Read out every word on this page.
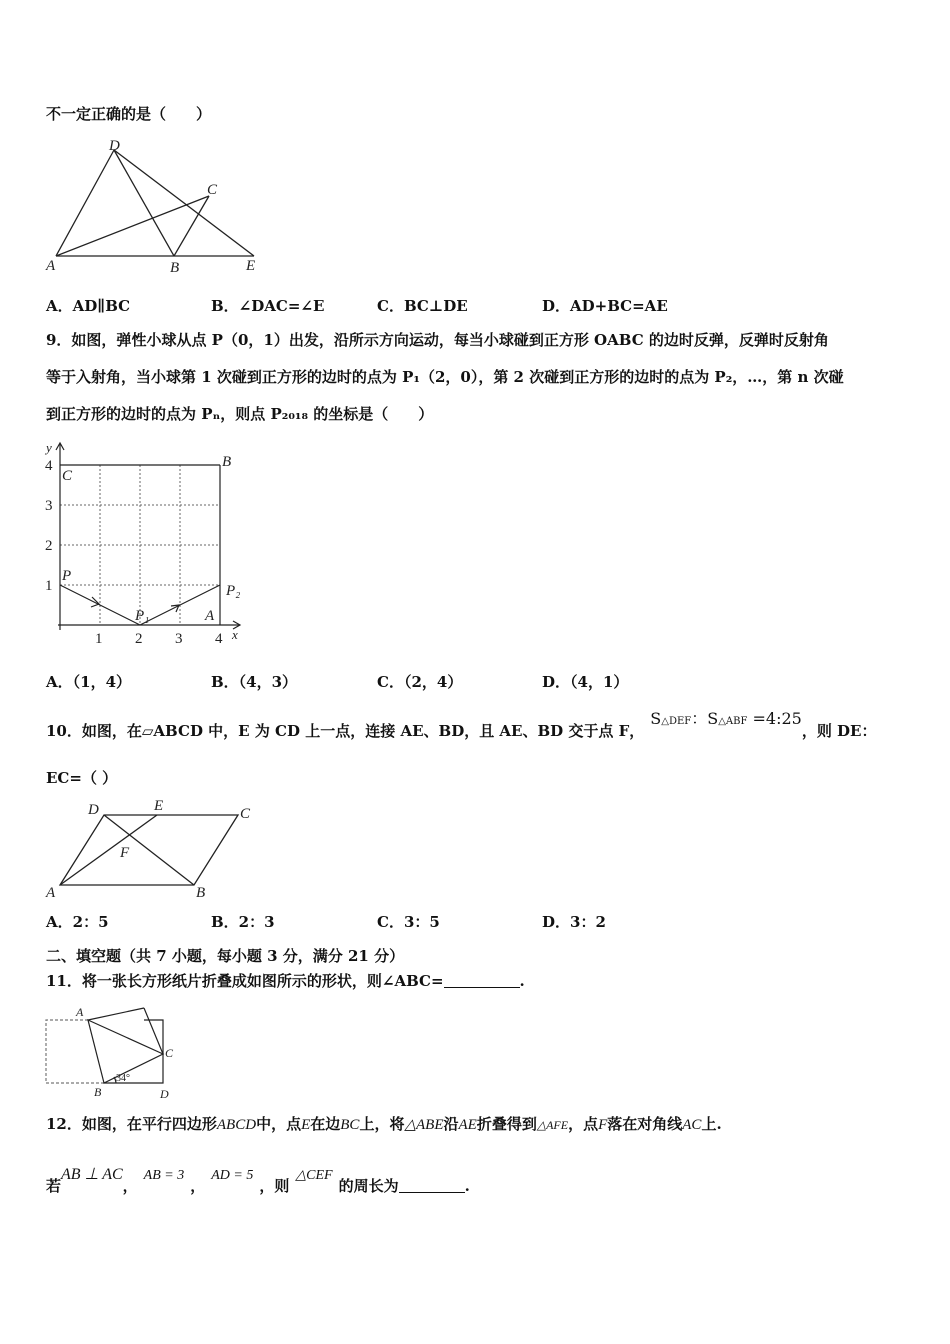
不一定正确的是（　　）
D
C
A	B	E
A．AD∥BC	B．∠DAC=∠E	C．BC⊥DE	D．AD+BC=AE
9．如图，弹性小球从点 P（0，1）出发，沿所示方向运动，每当小球碰到正方形 OABC 的边时反弹，反弹时反射角
等于入射角，当小球第 1 次碰到正方形的边时的点为 P₁（2，0），第 2 次碰到正方形的边时的点为 P₂，…，第 n 次碰
到正方形的边时的点为 Pₙ，则点 P₂₀₁₈ 的坐标是（　　）
y
x
C
B
P
P₁
P₂
A
4
3
2
1
1 2 3 4
A．（1，4）	B．（4，3）	C．（2，4）	D．（4，1）
10．如图，在▱ABCD 中，E 为 CD 上一点，连接 AE、BD，且 AE、BD 交于点 F，S△DEF：S△ABF =4:25，则 DE：
EC=（ ）
D	E	C
F
A	B
A．2：5	B．2：3	C．3：5	D．3：2
二、填空题（共 7 小题，每小题 3 分，满分 21 分）
11．将一张长方形纸片折叠成如图所示的形状，则∠ABC=	.
A
C
B	D
34°
12．如图，在平行四边形ABCD中，点E在边BC上，将△ABE沿AE折叠得到△AFE，点F落在对角线AC上.
若AB ⊥ AC，AB = 3，AD = 5，则△CEF的周长为	.
